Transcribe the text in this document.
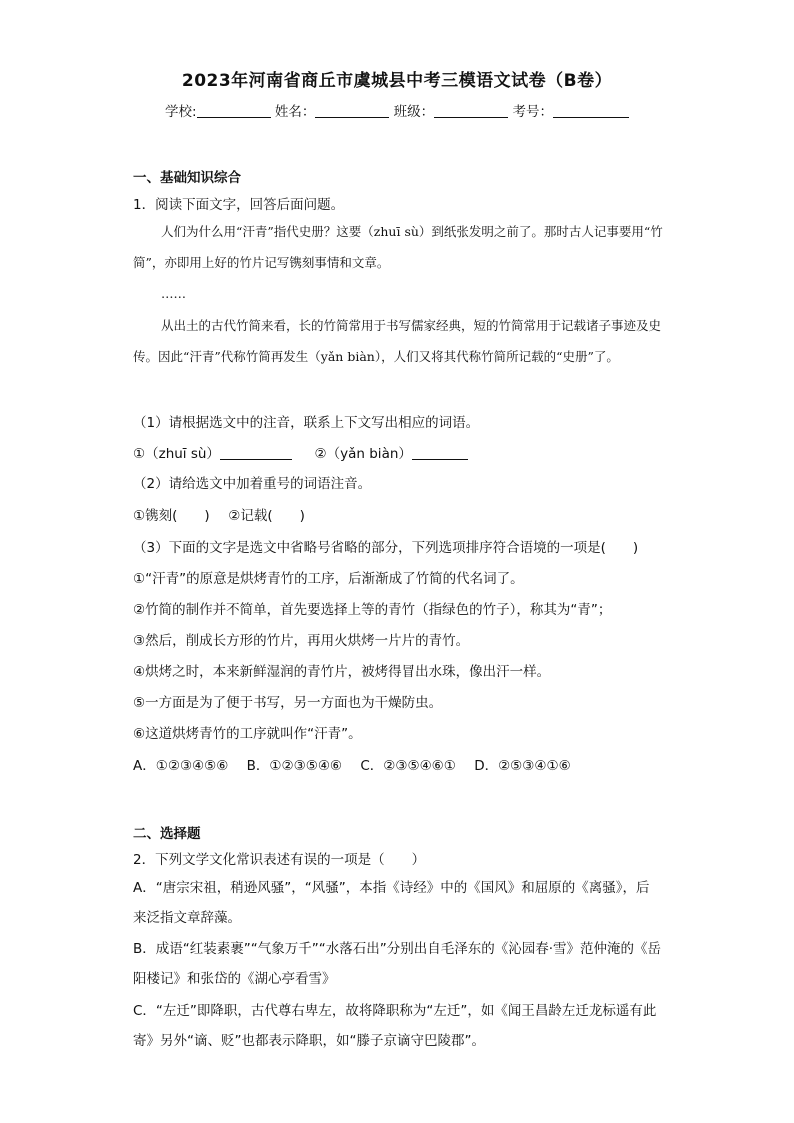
2023年河南省商丘市虞城县中考三模语文试卷（B卷）
学校:	姓名：	班级：	考号：
一、基础知识综合
1．阅读下面文字，回答后面问题。
人们为什么用“汗青”指代史册？这要（zhuī sù）到纸张发明之前了。那时古人记事要用“竹简”，亦即用上好的竹片记写镌刻事情和文章。
……
从出土的古代竹简来看，长的竹简常用于书写儒家经典，短的竹简常用于记载诸子事迹及史传。因此“汗青”代称竹简再发生（yǎn biàn），人们又将其代称竹简所记载的“史册”了。
（1）请根据选文中的注音，联系上下文写出相应的词语。
①（zhuī sù）	②（yǎn biàn）
（2）请给选文中加着重号的词语注音。
①镌刻(　　) ②记载(　　)
（3）下面的文字是选文中省略号省略的部分，下列选项排序符合语境的一项是(　　)
①“汗青”的原意是烘烤青竹的工序，后渐渐成了竹简的代名词了。
②竹简的制作并不简单，首先要选择上等的青竹（指绿色的竹子），称其为“青”；
③然后，削成长方形的竹片，再用火烘烤一片片的青竹。
④烘烤之时，本来新鲜湿润的青竹片，被烤得冒出水珠，像出汗一样。
⑤一方面是为了便于书写，另一方面也为干燥防虫。
⑥这道烘烤青竹的工序就叫作“汗青”。
A．①②③④⑤⑥ B．①②③⑤④⑥ C．②③⑤④⑥① D．②⑤③④①⑥
二、选择题
2．下列文学文化常识表述有误的一项是（　　）
A．“唐宗宋祖，稍逊风骚”，“风骚”，本指《诗经》中的《国风》和屈原的《离骚》，后来泛指文章辞藻。
B．成语“红装素裹”“气象万千”“水落石出”分别出自毛泽东的《沁园春·雪》范仲淹的《岳阳楼记》和张岱的《湖心亭看雪》
C．“左迁”即降职，古代尊右卑左，故将降职称为“左迁”，如《闻王昌龄左迁龙标遥有此寄》另外“谪、贬”也都表示降职，如“滕子京谪守巴陵郡”。
